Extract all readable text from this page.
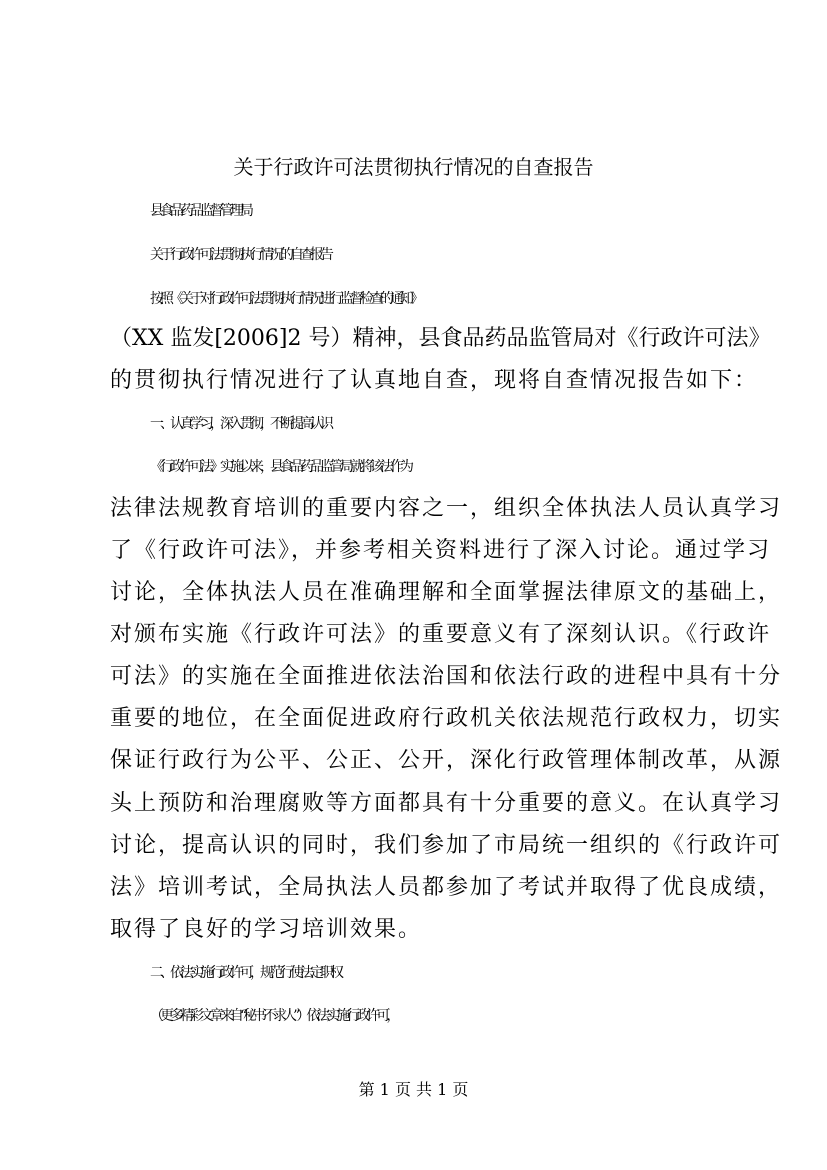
关于行政许可法贯彻执行情况的自查报告
县食品药品监督管理局
关于行政许可法贯彻执行情况的自查报告
按照《关于对行政许可法贯彻执行情况进行监督检查的通知》
（XX 监发[2006]2 号）精神，县食品药品监管局对《行政许可法》
的贯彻执行情况进行了认真地自查，现将自查情况报告如下：
一、认真学习，深入贯彻，不断提高认识
《行政许可法》实施以来，县食品药品监管局就将该法作为
法律法规教育培训的重要内容之一，组织全体执法人员认真学习
了《行政许可法》，并参考相关资料进行了深入讨论。通过学习
讨论，全体执法人员在准确理解和全面掌握法律原文的基础上，
对颁布实施《行政许可法》的重要意义有了深刻认识。《行政许
可法》的实施在全面推进依法治国和依法行政的进程中具有十分
重要的地位，在全面促进政府行政机关依法规范行政权力，切实
保证行政行为公平、公正、公开，深化行政管理体制改革，从源
头上预防和治理腐败等方面都具有十分重要的意义。在认真学习
讨论，提高认识的同时，我们参加了市局统一组织的《行政许可
法》培训考试，全局执法人员都参加了考试并取得了优良成绩，
取得了良好的学习培训效果。
二、依法实施行政许可，规范行使法定职权
（更多精彩文章来自“秘书不求人”）依法实施行政许可，
第 1 页 共 1 页
